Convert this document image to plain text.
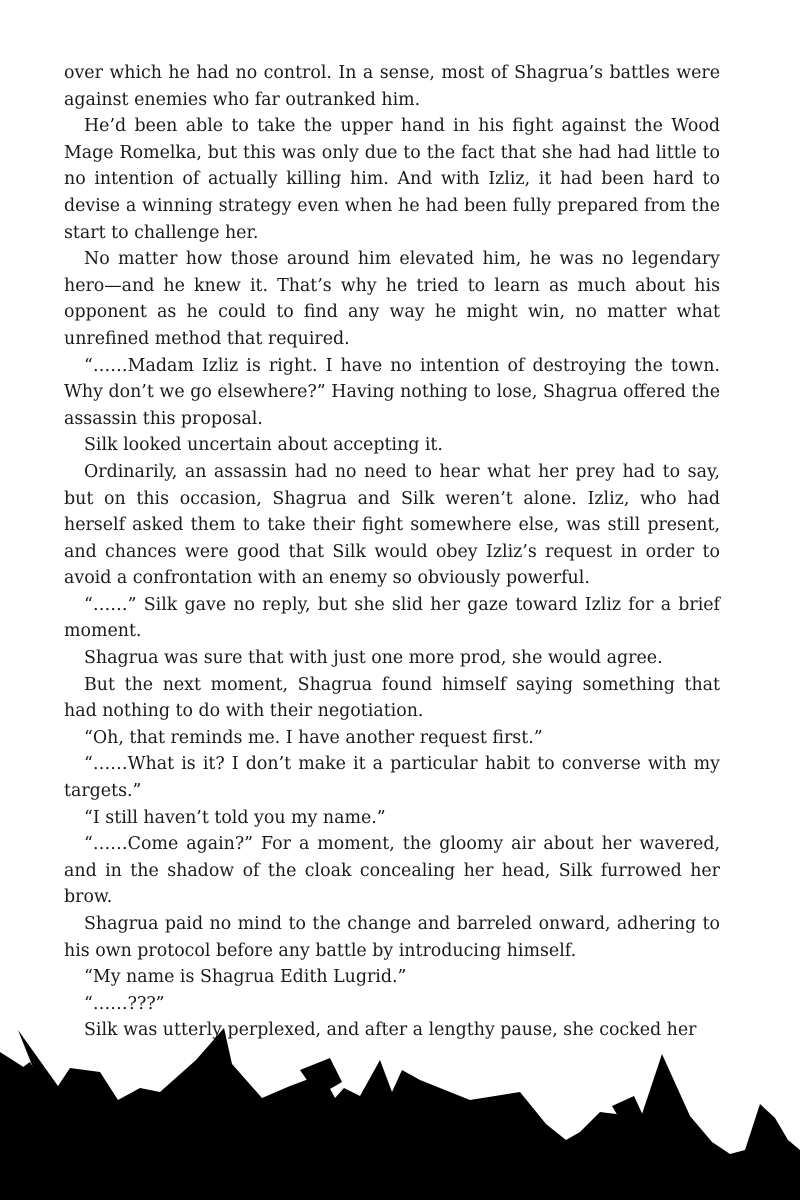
over which he had no control. In a sense, most of Shagrua’s battles were against enemies who far outranked him.

He’d been able to take the upper hand in his fight against the Wood Mage Romelka, but this was only due to the fact that she had had little to no intention of actually killing him. And with Izliz, it had been hard to devise a winning strategy even when he had been fully prepared from the start to challenge her.

No matter how those around him elevated him, he was no legendary hero—and he knew it. That’s why he tried to learn as much about his opponent as he could to find any way he might win, no matter what unrefined method that required.

“……Madam Izliz is right. I have no intention of destroying the town. Why don’t we go elsewhere?” Having nothing to lose, Shagrua offered the assassin this proposal.

Silk looked uncertain about accepting it.

Ordinarily, an assassin had no need to hear what her prey had to say, but on this occasion, Shagrua and Silk weren’t alone. Izliz, who had herself asked them to take their fight somewhere else, was still present, and chances were good that Silk would obey Izliz’s request in order to avoid a confrontation with an enemy so obviously powerful.

“……” Silk gave no reply, but she slid her gaze toward Izliz for a brief moment.

Shagrua was sure that with just one more prod, she would agree.

But the next moment, Shagrua found himself saying something that had nothing to do with their negotiation.

“Oh, that reminds me. I have another request first.”

“……What is it? I don’t make it a particular habit to converse with my targets.”

“I still haven’t told you my name.”

“……Come again?” For a moment, the gloomy air about her wavered, and in the shadow of the cloak concealing her head, Silk furrowed her brow.

Shagrua paid no mind to the change and barreled onward, adhering to his own protocol before any battle by introducing himself.

“My name is Shagrua Edith Lugrid.”

“……???”

Silk was utterly perplexed, and after a lengthy pause, she cocked her
